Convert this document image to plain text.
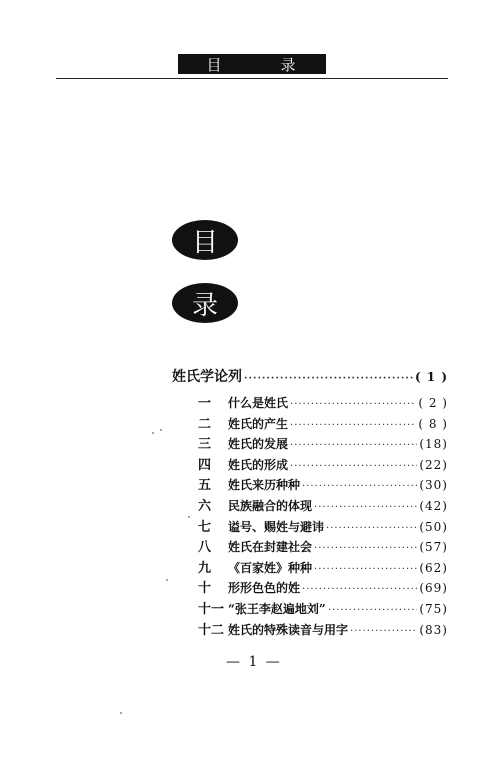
目	录
目
录
姓氏学论列 ·····	( 1 )
一	什么是姓氏 ·····	( 2 )
二	姓氏的产生 ·····	( 8 )
三	姓氏的发展 ·····	(18)
四	姓氏的形成 ·····	(22)
五	姓氏来历种种 ·····	(30)
六	民族融合的体现 ·····	(42)
七	谥号、赐姓与避讳 ·····	(50)
八	姓氏在封建社会 ·····	(57)
九	《百家姓》种种 ·····	(62)
十	形形色色的姓 ·····	(69)
十一 “张王李赵遍地刘” ·····	(75)
十二 姓氏的特殊读音与用字 ·····	(83)
— 1 —
